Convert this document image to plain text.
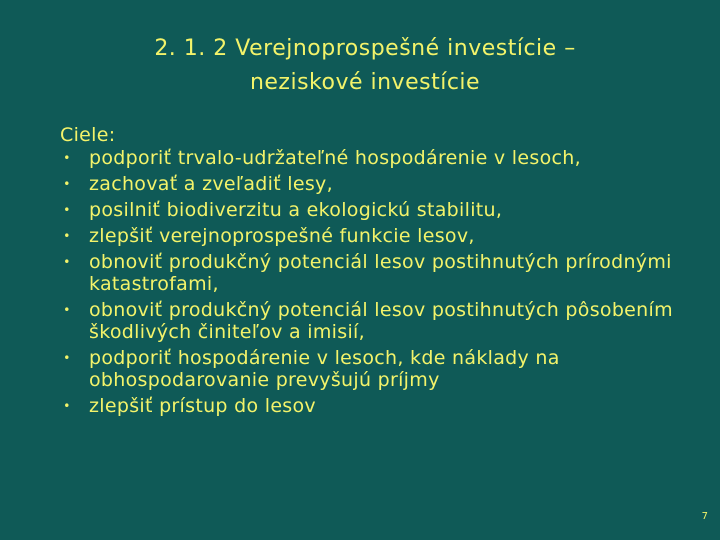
2. 1. 2 Verejnoprospešné investície –
neziskové investície
Ciele:
• podporiť trvalo-udržateľné hospodárenie v lesoch,
• zachovať a zveľadiť lesy,
• posilniť biodiverzitu a ekologickú stabilitu,
• zlepšiť verejnoprospešné funkcie lesov,
• obnoviť produkčný potenciál lesov postihnutých prírodnými katastrofami,
• obnoviť produkčný potenciál lesov postihnutých pôsobením škodlivých činiteľov a imisií,
• podporiť hospodárenie v lesoch, kde náklady na obhospodarovanie prevyšujú príjmy
• zlepšiť prístup do lesov
7
